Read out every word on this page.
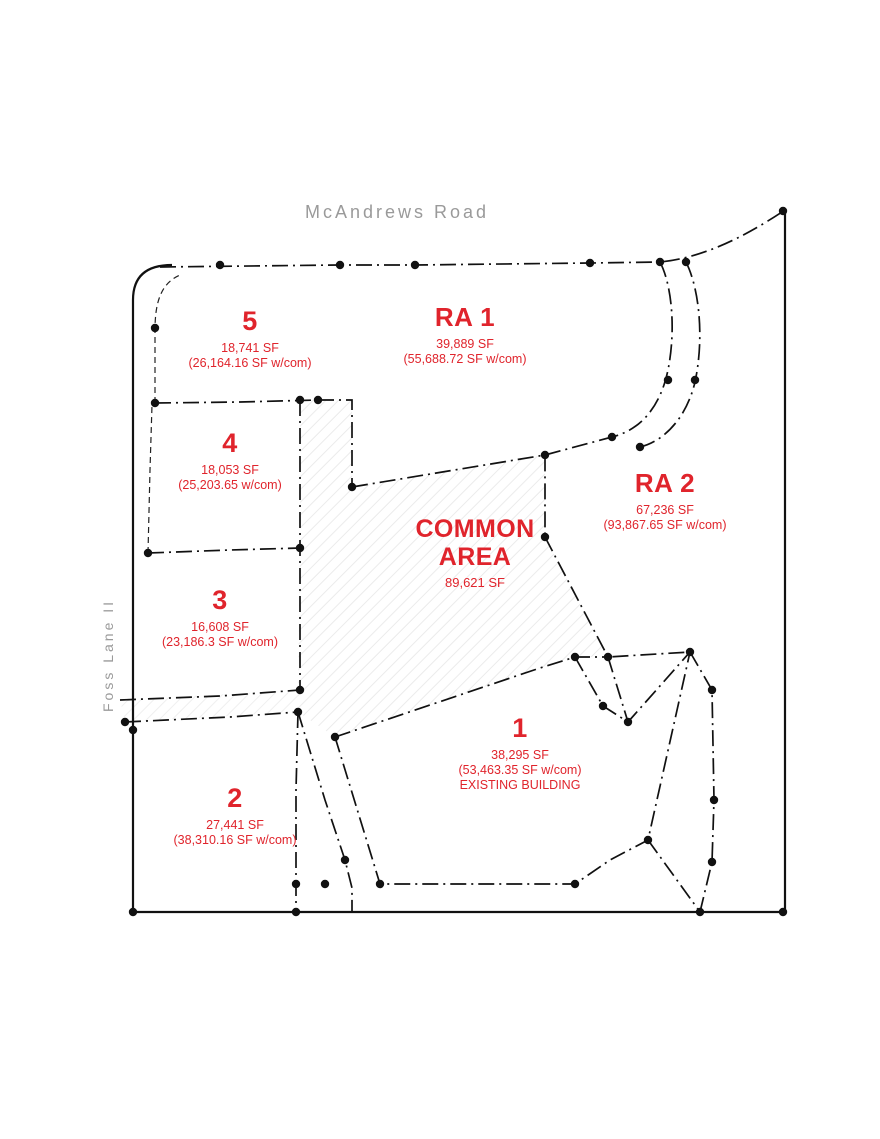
McAndrews Road
Foss Lane II
5
18,741 SF
(26,164.16 SF w/com)
RA 1
39,889 SF
(55,688.72 SF w/com)
4
18,053 SF
(25,203.65 w/com)	RA 2
67,236 SF
(93,867.65 SF w/com)
3
16,608 SF
(23,186.3 SF w/com)
COMMON
AREA
89,621 SF
1
38,295 SF
(53,463.35 SF w/com)
EXISTING BUILDING
2
27,441 SF
(38,310.16 SF w/com)
